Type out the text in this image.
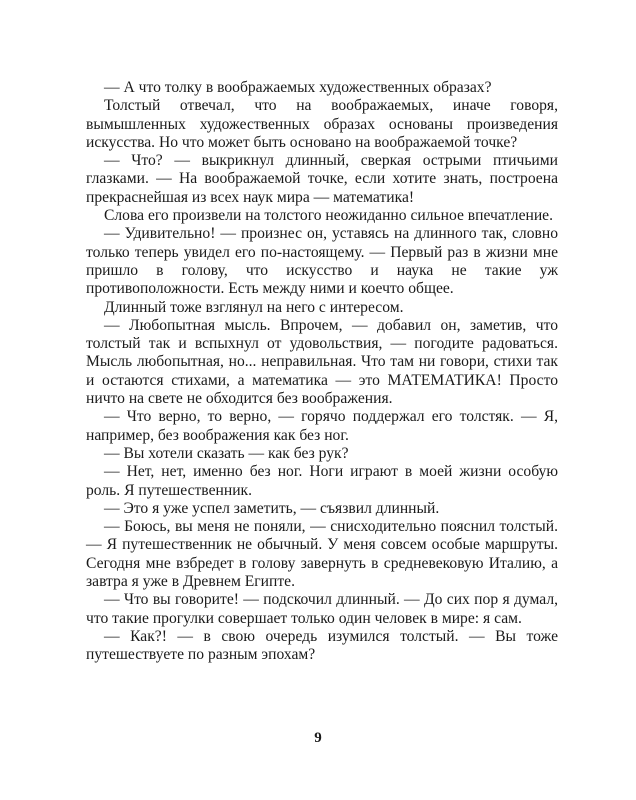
— А что толку в воображаемых художественных образах?

Толстый отвечал, что на воображаемых, иначе говоря, вымышленных художественных образах основаны произведения искусства. Но что может быть основано на воображаемой точке?

— Что? — выкрикнул длинный, сверкая острыми птичьими глазками. — На воображаемой точке, если хотите знать, построена прекраснейшая из всех наук мира — математика!

Слова его произвели на толстого неожиданно сильное впечатление.

— Удивительно! — произнес он, уставясь на длинного так, словно только теперь увидел его по-настоящему. — Первый раз в жизни мне пришло в голову, что искусство и наука не такие уж противоположности. Есть между ними и коечто общее.

Длинный тоже взглянул на него с интересом.

— Любопытная мысль. Впрочем, — добавил он, заметив, что толстый так и вспыхнул от удовольствия, — погодите радоваться. Мысль любопытная, но... неправильная. Что там ни говори, стихи так и остаются стихами, а математика — это МАТЕМАТИКА! Просто ничто на свете не обходится без воображения.

— Что верно, то верно, — горячо поддержал его толстяк. — Я, например, без воображения как без ног.

— Вы хотели сказать — как без рук?

— Нет, нет, именно без ног. Ноги играют в моей жизни особую роль. Я путешественник.

— Это я уже успел заметить, — съязвил длинный.

— Боюсь, вы меня не поняли, — снисходительно пояснил толстый. — Я путешественник не обычный. У меня совсем особые маршруты. Сегодня мне взбредет в голову завернуть в средневековую Италию, а завтра я уже в Древнем Египте.

— Что вы говорите! — подскочил длинный. — До сих пор я думал, что такие прогулки совершает только один человек в мире: я сам.

— Как?! — в свою очередь изумился толстый. — Вы тоже путешествуете по разным эпохам?

9
